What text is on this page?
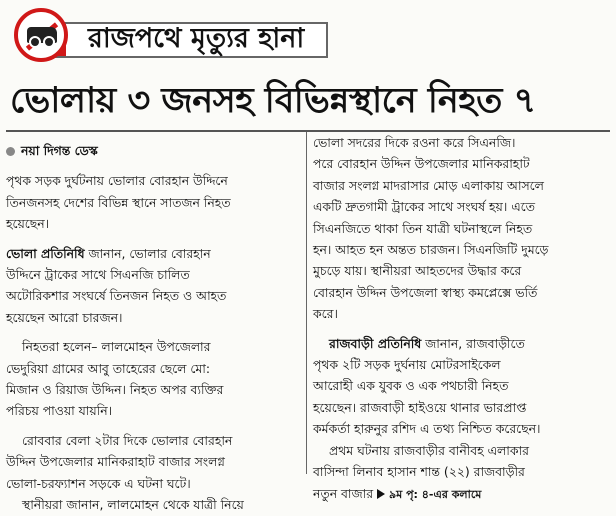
রাজপথে মৃত্যুর হানা
ভোলায় ৩ জনসহ বিভিন্নস্থানে নিহত ৭
নয়া দিগন্ত ডেস্ক
পৃথক সড়ক দুর্ঘটনায় ভোলার বোরহান উদ্দিনে
তিনজনসহ দেশের বিভিন্ন স্থানে সাতজন নিহত
হয়েছেন।
ভোলা প্রতিনিধি জানান, ভোলার বোরহান
উদ্দিনে ট্রাকের সাথে সিএনজি চালিত
অটোরিকশার সংঘর্ষে তিনজন নিহত ও আহত
হয়েছেন আরো চারজন।
নিহতরা হলেন– লালমোহন উপজেলার
ভেদুরিয়া গ্রামের আবু তাহেরের ছেলে মো:
মিজান ও রিয়াজ উদ্দিন। নিহত অপর ব্যক্তির
পরিচয় পাওয়া যায়নি।
রোববার বেলা ২টার দিকে ভোলার বোরহান
উদ্দিন উপজেলার মানিকরাহাট বাজার সংলগ্ন
ভোলা-চরফ্যাশন সড়কে এ ঘটনা ঘটে।
স্থানীয়রা জানান, লালমোহন থেকে যাত্রী নিয়ে
ভোলা সদরের দিকে রওনা করে সিএনজি।
পরে বোরহান উদ্দিন উপজেলার মানিকরাহাট
বাজার সংলগ্ন মাদরাসার মোড় এলাকায় আসলে
একটি দ্রুতগামী ট্রাকের সাথে সংঘর্ষ হয়। এতে
সিএনজিতে থাকা তিন যাত্রী ঘটনাস্থলে নিহত
হন। আহত হন অন্তত চারজন। সিএনজিটি দুমড়ে
মুচড়ে যায়। স্থানীয়রা আহতদের উদ্ধার করে
বোরহান উদ্দিন উপজেলা স্বাস্থ্য কমপ্লেক্সে ভর্তি
করে।
রাজবাড়ী প্রতিনিধি জানান, রাজবাড়ীতে
পৃথক ২টি সড়ক দুর্ঘনায় মোটরসাইকেল
আরোহী এক যুবক ও এক পথচারী নিহত
হয়েছেন। রাজবাড়ী হাইওয়ে থানার ভারপ্রাপ্ত
কর্মকর্তা হারুনুর রশিদ এ তথ্য নিশ্চিত করেছেন।
প্রথম ঘটনায় রাজবাড়ীর বানীবহ এলাকার
বাসিন্দা লিনাব হাসান শান্ত (২২) রাজবাড়ীর
নতুন বাজার ৯ম পৃ: ৪-এর কলামে
